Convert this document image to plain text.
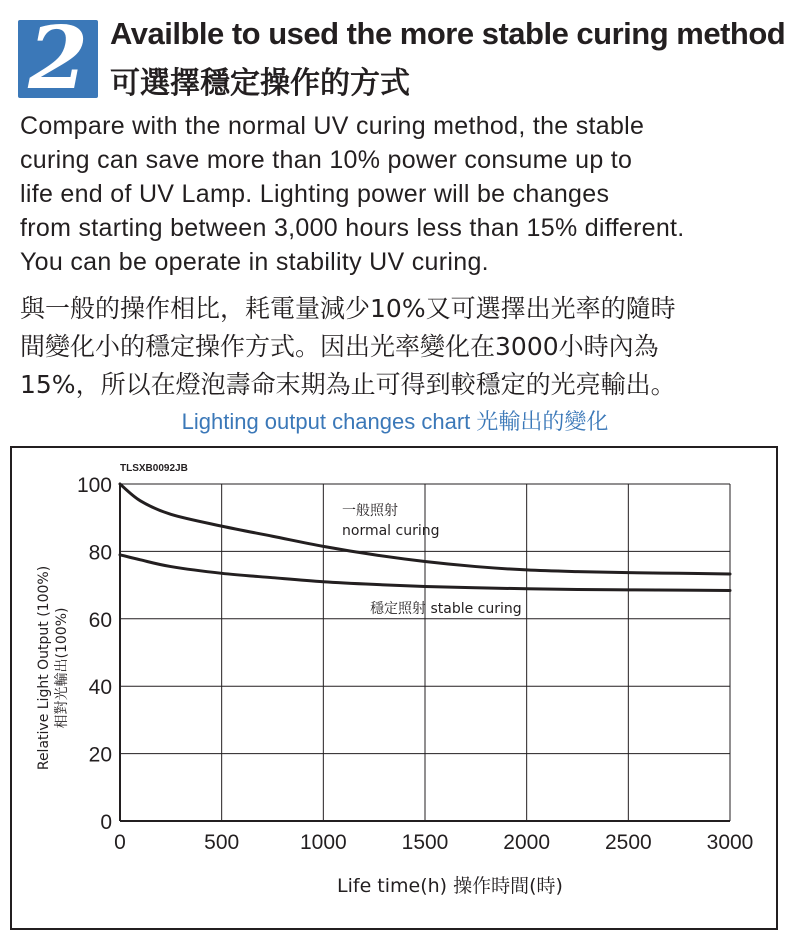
2 Availble to used the more stable curing method
可選擇穩定操作的方式
Compare with the normal UV curing method, the stable
curing can save more than 10% power consume up to
life end of UV Lamp. Lighting power will be changes
from starting between 3,000 hours less than 15% different.
You can be operate in stability UV curing.
與一般的操作相比，耗電量減少10%又可選擇出光率的隨時
間變化小的穩定操作方式。因出光率變化在3000小時內為
15%，所以在燈泡壽命末期為止可得到較穩定的光亮輸出。
Lighting output changes chart 光輸出的變化
0	500	1000	1500	2000	2500	3000
0
20
40
60
80
100
TLSXB0092JB
一般照射
normal curing
穩定照射 stable curing
Life time(h) 操作時間(時)
Relative Light Output (100%) 相對光輸出(100%)
